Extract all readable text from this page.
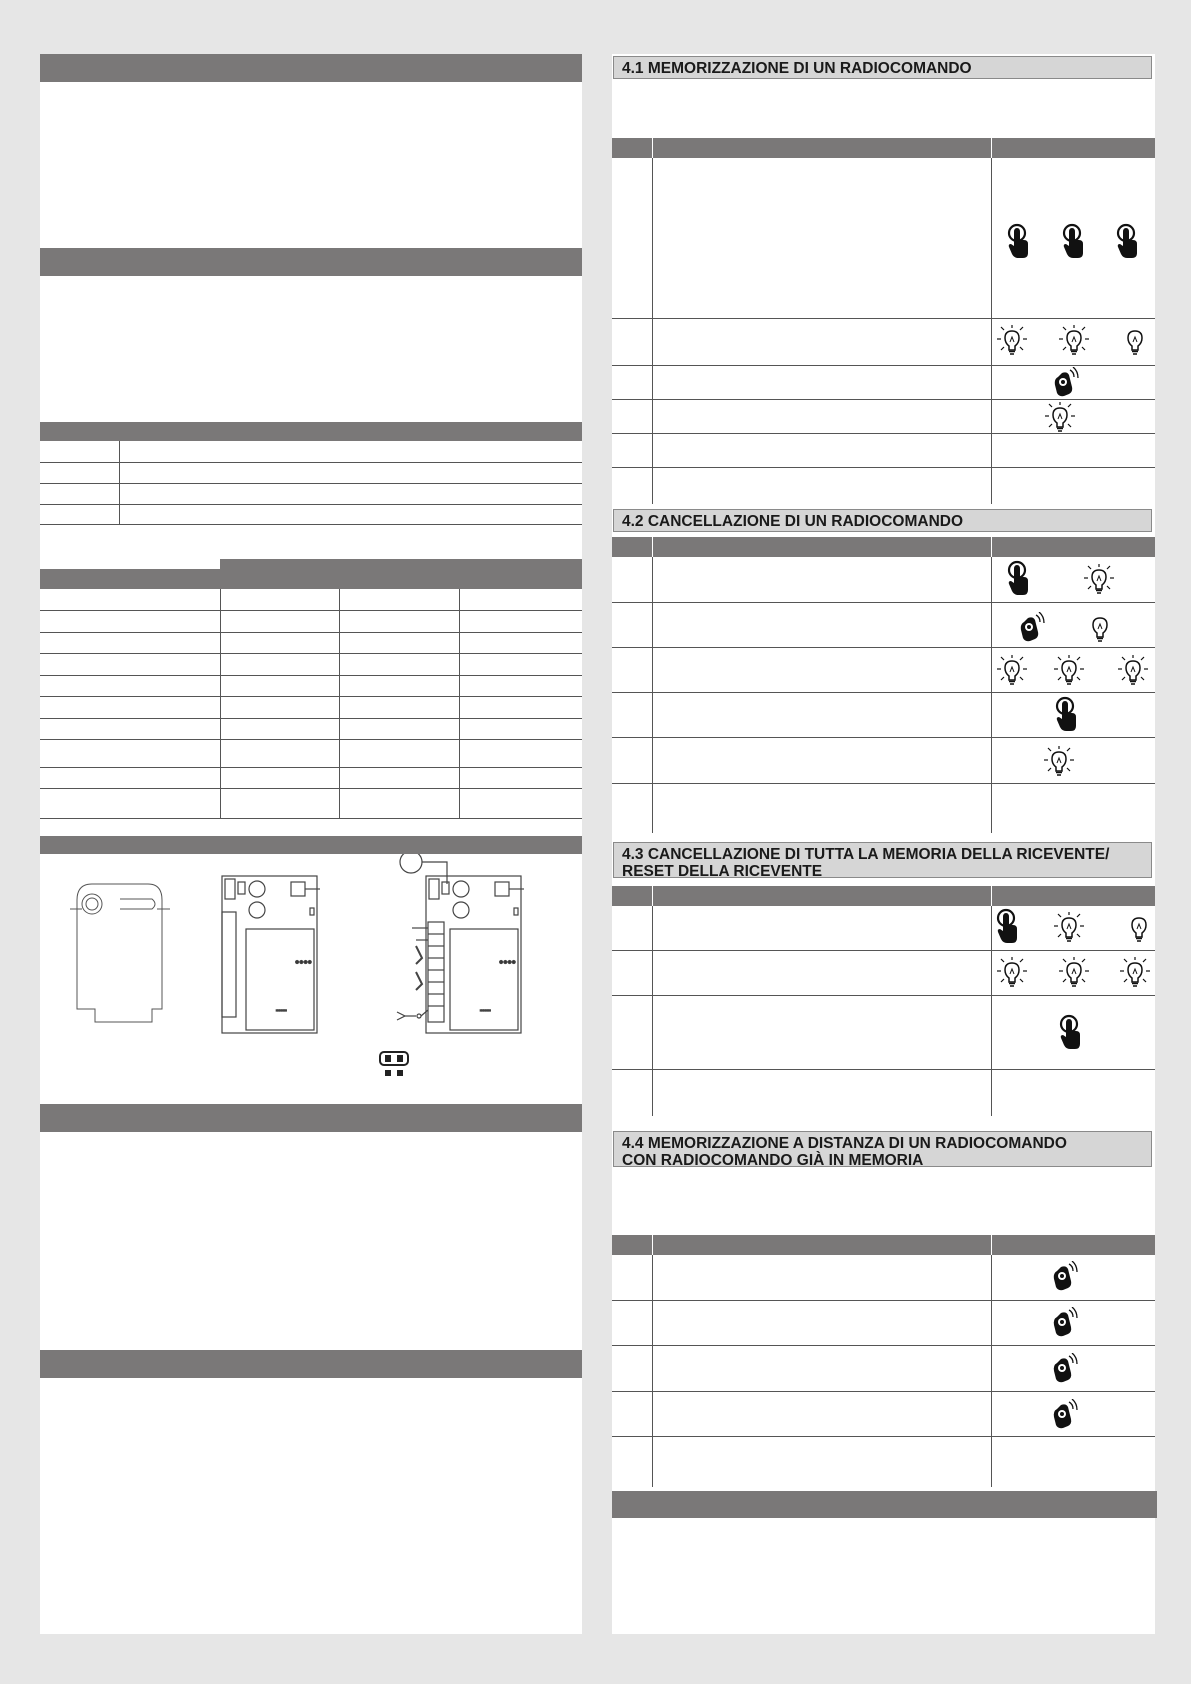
●●●●
▪▪▪▪▪▪
●●●●
▪▪▪▪▪▪
4.1 MEMORIZZAZIONE DI UN RADIOCOMANDO
4.2 CANCELLAZIONE DI UN RADIOCOMANDO
4.3 CANCELLAZIONE DI TUTTA LA MEMORIA DELLA RICEVENTE/
RESET DELLA RICEVENTE
4.4 MEMORIZZAZIONE A DISTANZA DI UN RADIOCOMANDO
CON RADIOCOMANDO GIÀ IN MEMORIA
